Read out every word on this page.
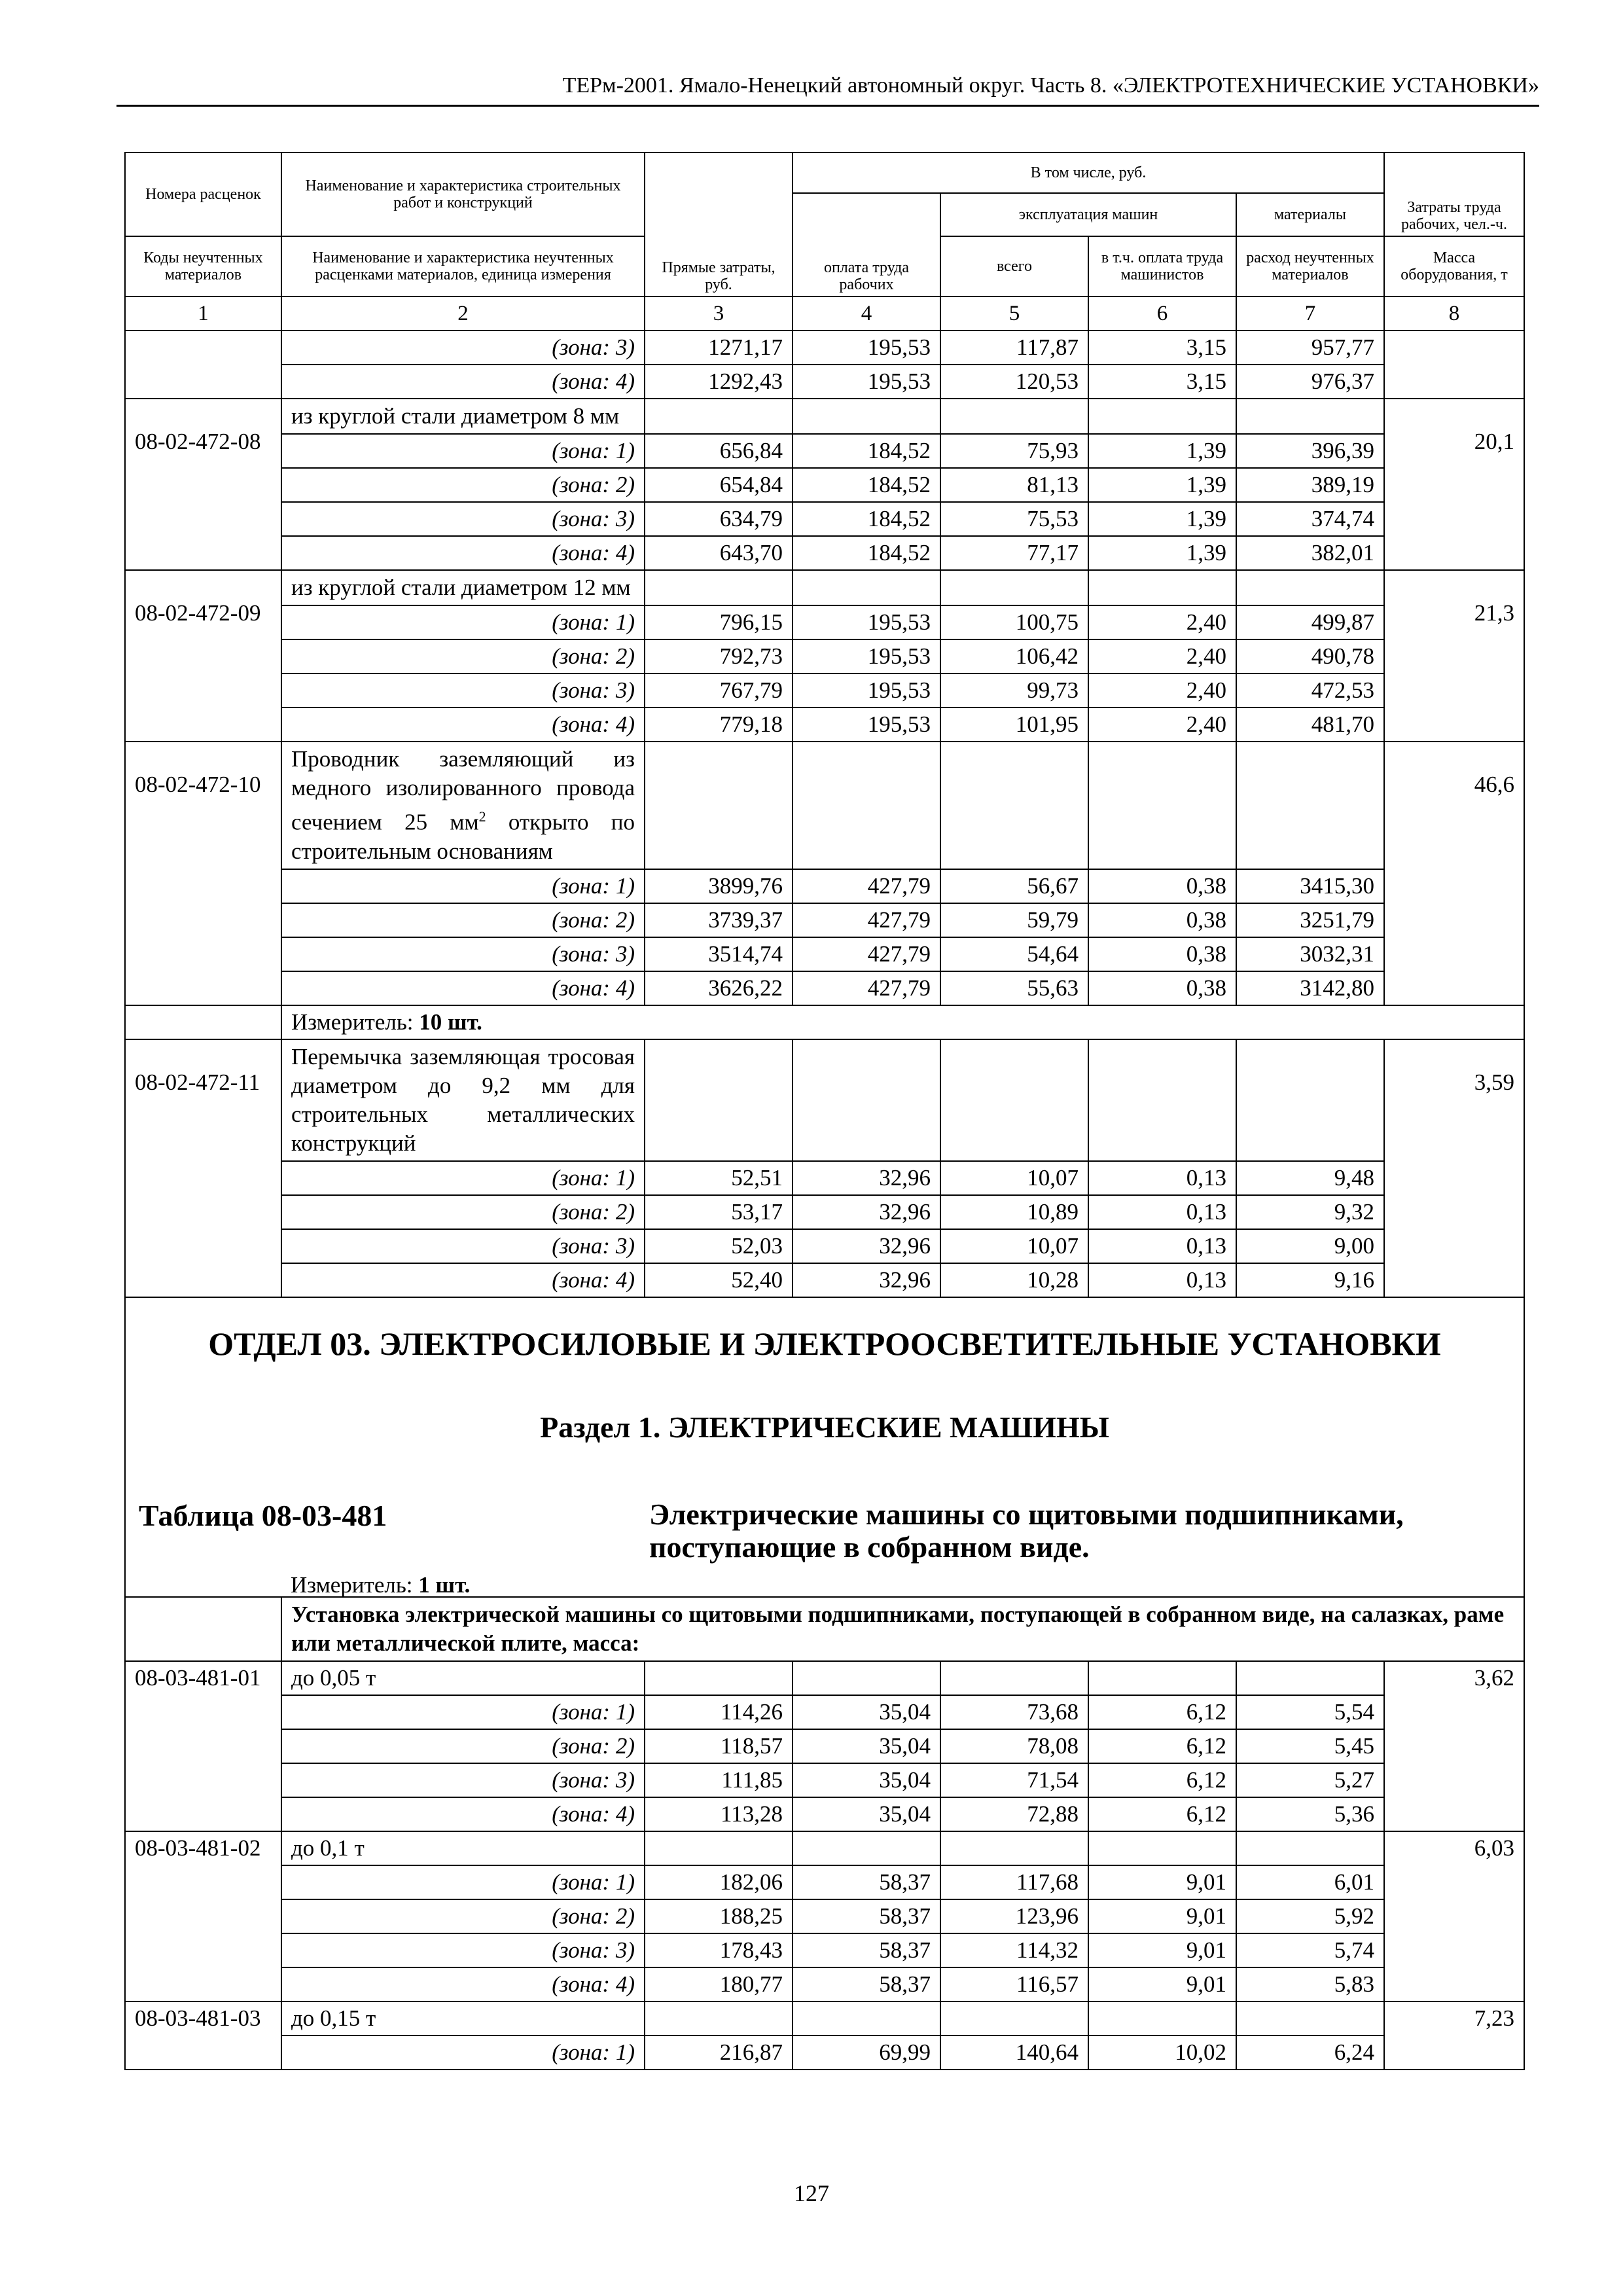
ТЕРм-2001. Ямало-Ненецкий автономный округ. Часть 8. «ЭЛЕКТРОТЕХНИЧЕСКИЕ УСТАНОВКИ»
Номера расценок	Наименование и характеристика строительных работ и конструкций	Прямые затраты, руб.	В том числе, руб.				Затраты труда рабочих, чел.-ч.
			оплата труда рабочих	эксплуатация машин		материалы	
Коды неучтенных материалов	Наименование и характеристика неучтенных расценками материалов, единица измерения			всего	в т.ч. оплата труда машинистов	расход неучтенных материалов	Масса оборудования, т
1	2	3	4	5	6	7	8
	(зона: 3)	1271,17	195,53	117,87	3,15	957,77	
	(зона: 4)	1292,43	195,53	120,53	3,15	976,37	
08-02-472-08	из круглой стали диаметром 8 мм						20,1
	(зона: 1)	656,84	184,52	75,93	1,39	396,39	
	(зона: 2)	654,84	184,52	81,13	1,39	389,19	
	(зона: 3)	634,79	184,52	75,53	1,39	374,74	
	(зона: 4)	643,70	184,52	77,17	1,39	382,01	
08-02-472-09	из круглой стали диаметром 12 мм						21,3
	(зона: 1)	796,15	195,53	100,75	2,40	499,87	
	(зона: 2)	792,73	195,53	106,42	2,40	490,78	
	(зона: 3)	767,79	195,53	99,73	2,40	472,53	
	(зона: 4)	779,18	195,53	101,95	2,40	481,70	
08-02-472-10	Проводник заземляющий из медного изолированного провода сечением 25 $мм^2$ открыто по строительным основаниям						46,6
	(зона: 1)	3899,76	427,79	56,67	0,38	3415,30	
	(зона: 2)	3739,37	427,79	59,79	0,38	3251,79	
	(зона: 3)	3514,74	427,79	54,64	0,38	3032,31	
	(зона: 4)	3626,22	427,79	55,63	0,38	3142,80	
	Измеритель: 10 шт.						
08-02-472-11	Перемычка заземляющая тросовая диаметром до 9,2 мм для строительных металлических конструкций						3,59
	(зона: 1)	52,51	32,96	10,07	0,13	9,48	
	(зона: 2)	53,17	32,96	10,89	0,13	9,32	
	(зона: 3)	52,03	32,96	10,07	0,13	9,00	
	(зона: 4)	52,40	32,96	10,28	0,13	9,16	

ОТДЕЛ 03. ЭЛЕКТРОСИЛОВЫЕ И ЭЛЕКТРООСВЕТИТЕЛЬНЫЕ УСТАНОВКИ
Раздел 1. ЭЛЕКТРИЧЕСКИЕ МАШИНЫ
Таблица 08-03-481 Электрические машины со щитовыми подшипниками, поступающие в собранном виде.
Измеритель: 1 шт.							

	Установка электрической машины со щитовыми подшипниками, поступающей в собранном виде, на салазках, раме или металлической плите, масса:						
08-03-481-01	до 0,05 т						3,62
	(зона: 1)	114,26	35,04	73,68	6,12	5,54	
	(зона: 2)	118,57	35,04	78,08	6,12	5,45	
	(зона: 3)	111,85	35,04	71,54	6,12	5,27	
	(зона: 4)	113,28	35,04	72,88	6,12	5,36	
08-03-481-02	до 0,1 т						6,03
	(зона: 1)	182,06	58,37	117,68	9,01	6,01	
	(зона: 2)	188,25	58,37	123,96	9,01	5,92	
	(зона: 3)	178,43	58,37	114,32	9,01	5,74	
	(зона: 4)	180,77	58,37	116,57	9,01	5,83	
08-03-481-03	до 0,15 т						7,23
	(зона: 1)	216,87	69,99	140,64	10,02	6,24	
127
